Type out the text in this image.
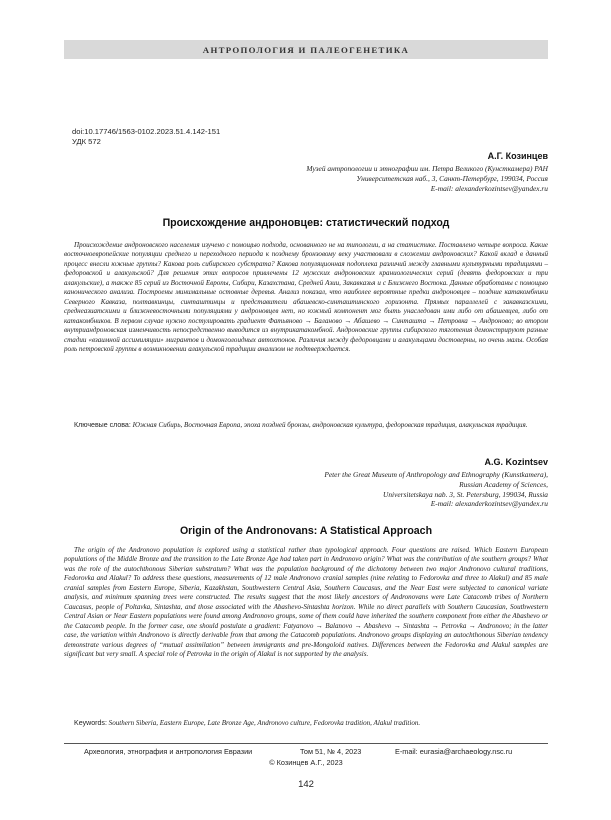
АНТРОПОЛОГИЯ И ПАЛЕОГЕНЕТИКА
doi:10.17746/1563-0102.2023.51.4.142-151
УДК 572
А.Г. Козинцев
Музей антропологии и этнографии им. Петра Великого (Кунсткамера) РАН
Университетская наб., 3, Санкт-Петербург, 199034, Россия
E-mail: alexanderkozintsev@yandex.ru
Происхождение андроновцев: статистический подход

Происхождение андроновского населения изучено с помощью подхода, основанного не на типологии, а на статистике. Поставлено четыре вопроса. Какие восточноевропейские популяции среднего и переходного периода к позднему бронзовому веку участвовали в сложении андроновских? Какой вклад в данный процесс внесли южные группы? Какова роль сибирского субстрата? Какова популяционная подоплека различий между главными культурными традициями – федоровской и алакульской? Для решения этих вопросов привлечены 12 мужских андроновских краниологических серий (девять федоровских и три алакульские), а также 85 серий из Восточной Европы, Сибири, Казахстана, Средней Азии, Закавказья и с Ближнего Востока. Данные обработаны с помощью канонического анализа. Построены минимальные остовные деревья. Анализ показал, что наиболее вероятные предки андроновцев – поздние катакомбники Северного Кавказа, полтавкинцы, синташтинцы и представители абашевско-синташтинского горизонта. Прямых параллелей с закавказскими, среднеазиатскими и ближневосточными популяциями у андроновцев нет, но южный компонент мог быть унаследован ими либо от абашевцев, либо от катакомбников. В первом случае нужно постулировать градиент Фатьяново → Баланово → Абашево → Синташта → Петровка → Андроново; во втором внутриандроновская изменчивость непосредственно выводится из внутрикатакомбной. Андроновские группы сибирского тяготения демонстрируют разные стадии «взаимной ассимиляции» мигрантов и домонголоидных автохтонов. Различия между федоровцами и алакульцами достоверны, но очень малы. Особая роль петровской группы в возникновении алакульской традиции анализом не подтверждается.

Ключевые слова: Южная Сибирь, Восточная Европа, эпоха поздней бронзы, андроновская культура, федоровская традиция, алакульская традиция.
A.G. Kozintsev
Peter the Great Museum of Anthropology and Ethnography (Kunstkamera),
Russian Academy of Sciences,
Universitetskaya nab. 3, St. Petersburg, 199034, Russia
E-mail: alexanderkozintsev@yandex.ru
Origin of the Andronovans: A Statistical Approach

The origin of the Andronovo population is explored using a statistical rather than typological approach. Four questions are raised. Which Eastern European populations of the Middle Bronze and the transition to the Late Bronze Age had taken part in Andronovo origin? What was the contribution of the southern groups? What was the role of the autochthonous Siberian substratum? What was the population background of the dichotomy between two major Andronovo cultural traditions, Fedorovka and Alakul? To address these questions, measurements of 12 male Andronovo cranial samples (nine relating to Fedorovka and three to Alakul) and 85 male cranial samples from Eastern Europe, Siberia, Kazakhstan, Southwestern Central Asia, Southern Caucasus, and the Near East were subjected to canonical variate analysis, and minimum spanning trees were constructed. The results suggest that the most likely ancestors of Andronovans were Late Catacomb tribes of Northern Caucasus, people of Poltavka, Sintashta, and those associated with the Abashevo-Sintashta horizon. While no direct parallels with Southern Caucasian, Southwestern Central Asian or Near Eastern populations were found among Andronovo groups, some of them could have inherited the southern component from either the Abashevo or the Catacomb people. In the former case, one should postulate a gradient: Fatyanovo → Balanovo → Abashevo → Sintashta → Petrovka → Andronovo; in the latter case, the variation within Andronovo is directly derivable from that among the Catacomb populations. Andronovo groups displaying an autochthonous Siberian tendency demonstrate various degrees of “mutual assimilation” between immigrants and pre-Mongoloid natives. Differences between the Fedorovka and Alakul samples are significant but very small. A special role of Petrovka in the origin of Alakul is not supported by the analysis.

Keywords: Southern Siberia, Eastern Europe, Late Bronze Age, Andronovo culture, Fedorovka tradition, Alakul tradition.
Археология, этнография и антропология Евразии	Том 51, № 4, 2023	E-mail: eurasia@archaeology.nsc.ru
© Козинцев А.Г., 2023
142
